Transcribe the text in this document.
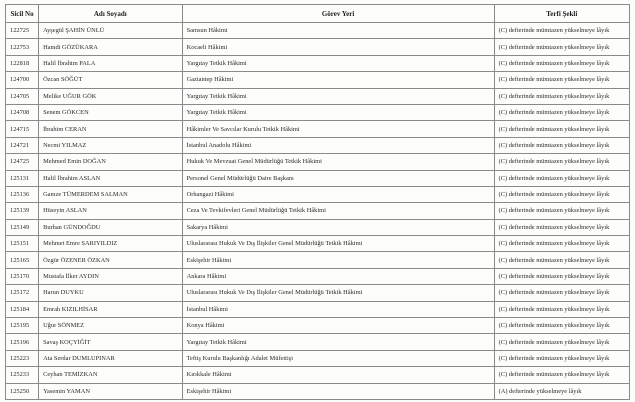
Sicil No	Adı Soyadı	Görev Yeri	Terfi Şekli
122725	Ayşegül ŞAHİN ÜNLÜ	Samsun Hâkimi	(C) defterinde mümtazen yükselmeye lâyık
122753	Hamdi GÖZÜKARA	Kocaeli Hâkimi	(C) defterinde mümtazen yükselmeye lâyık
122818	Halil İbrahim PALA	Yargıtay Tetkik Hâkimi	(C) defterinde mümtazen yükselmeye lâyık
124700	Özcan SÖĞÜT	Gaziantep Hâkimi	(C) defterinde mümtazen yükselmeye lâyık
124705	Melike UĞUR GÖK	Yargıtay Tetkik Hâkimi	(C) defterinde mümtazen yükselmeye lâyık
124708	Senem GÖKCEN	Yargıtay Tetkik Hâkimi	(C) defterinde mümtazen yükselmeye lâyık
124715	İbrahim CERAN	Hâkimler Ve Savcılar Kurulu Tetkik Hâkimi	(C) defterinde mümtazen yükselmeye lâyık
124721	Necmi YILMAZ	İstanbul Anadolu Hâkimi	(C) defterinde mümtazen yükselmeye lâyık
124725	Mehmed Emin DOĞAN	Hukuk Ve Mevzuat Genel Müdürlüğü Tetkik Hâkimi	(C) defterinde mümtazen yükselmeye lâyık
125131	Halil İbrahim ASLAN	Personel Genel Müdürlüğü Daire Başkanı	(C) defterinde mümtazen yükselmeye lâyık
125136	Gamze TÜMERDEM SALMAN	Orhangazi Hâkimi	(C) defterinde mümtazen yükselmeye lâyık
125139	Hüseyin ASLAN	Ceza Ve Tevkifevleri Genel Müdürlüğü Tetkik Hâkimi	(C) defterinde mümtazen yükselmeye lâyık
125149	Burhan GÜNDOĞDU	Sakarya Hâkimi	(C) defterinde mümtazen yükselmeye lâyık
125151	Mehmet Emre SARIYILDIZ	Uluslararası Hukuk Ve Dış İlişkiler Genel Müdürlüğü Tetkik Hâkimi	(C) defterinde mümtazen yükselmeye lâyık
125165	Özgür ÖZENER ÖZKAN	Eskişehir Hâkimi	(C) defterinde mümtazen yükselmeye lâyık
125170	Mustafa İlker AYDIN	Ankara Hâkimi	(C) defterinde mümtazen yükselmeye lâyık
125172	Harun DUYKU	Uluslararası Hukuk Ve Dış İlişkiler Genel Müdürlüğü Tetkik Hâkimi	(C) defterinde mümtazen yükselmeye lâyık
125184	Emrah KIZILHİSAR	İstanbul Hâkimi	(C) defterinde mümtazen yükselmeye lâyık
125195	Uğur SÖNMEZ	Konya Hâkimi	(C) defterinde mümtazen yükselmeye lâyık
125196	Savaş KOÇYİĞİT	Yargıtay Tetkik Hâkimi	(C) defterinde mümtazen yükselmeye lâyık
125223	Ata Serdar DUMLUPINAR	Teftiş Kurulu Başkanlığı Adalet Müfettişi	(C) defterinde mümtazen yükselmeye lâyık
125233	Ceyhan TEMİZKAN	Kırıkkale Hâkimi	(C) defterinde mümtazen yükselmeye lâyık
125250	Yasemin YAMAN	Eskişehir Hâkimi	(A) defterinde yükselmeye lâyık
